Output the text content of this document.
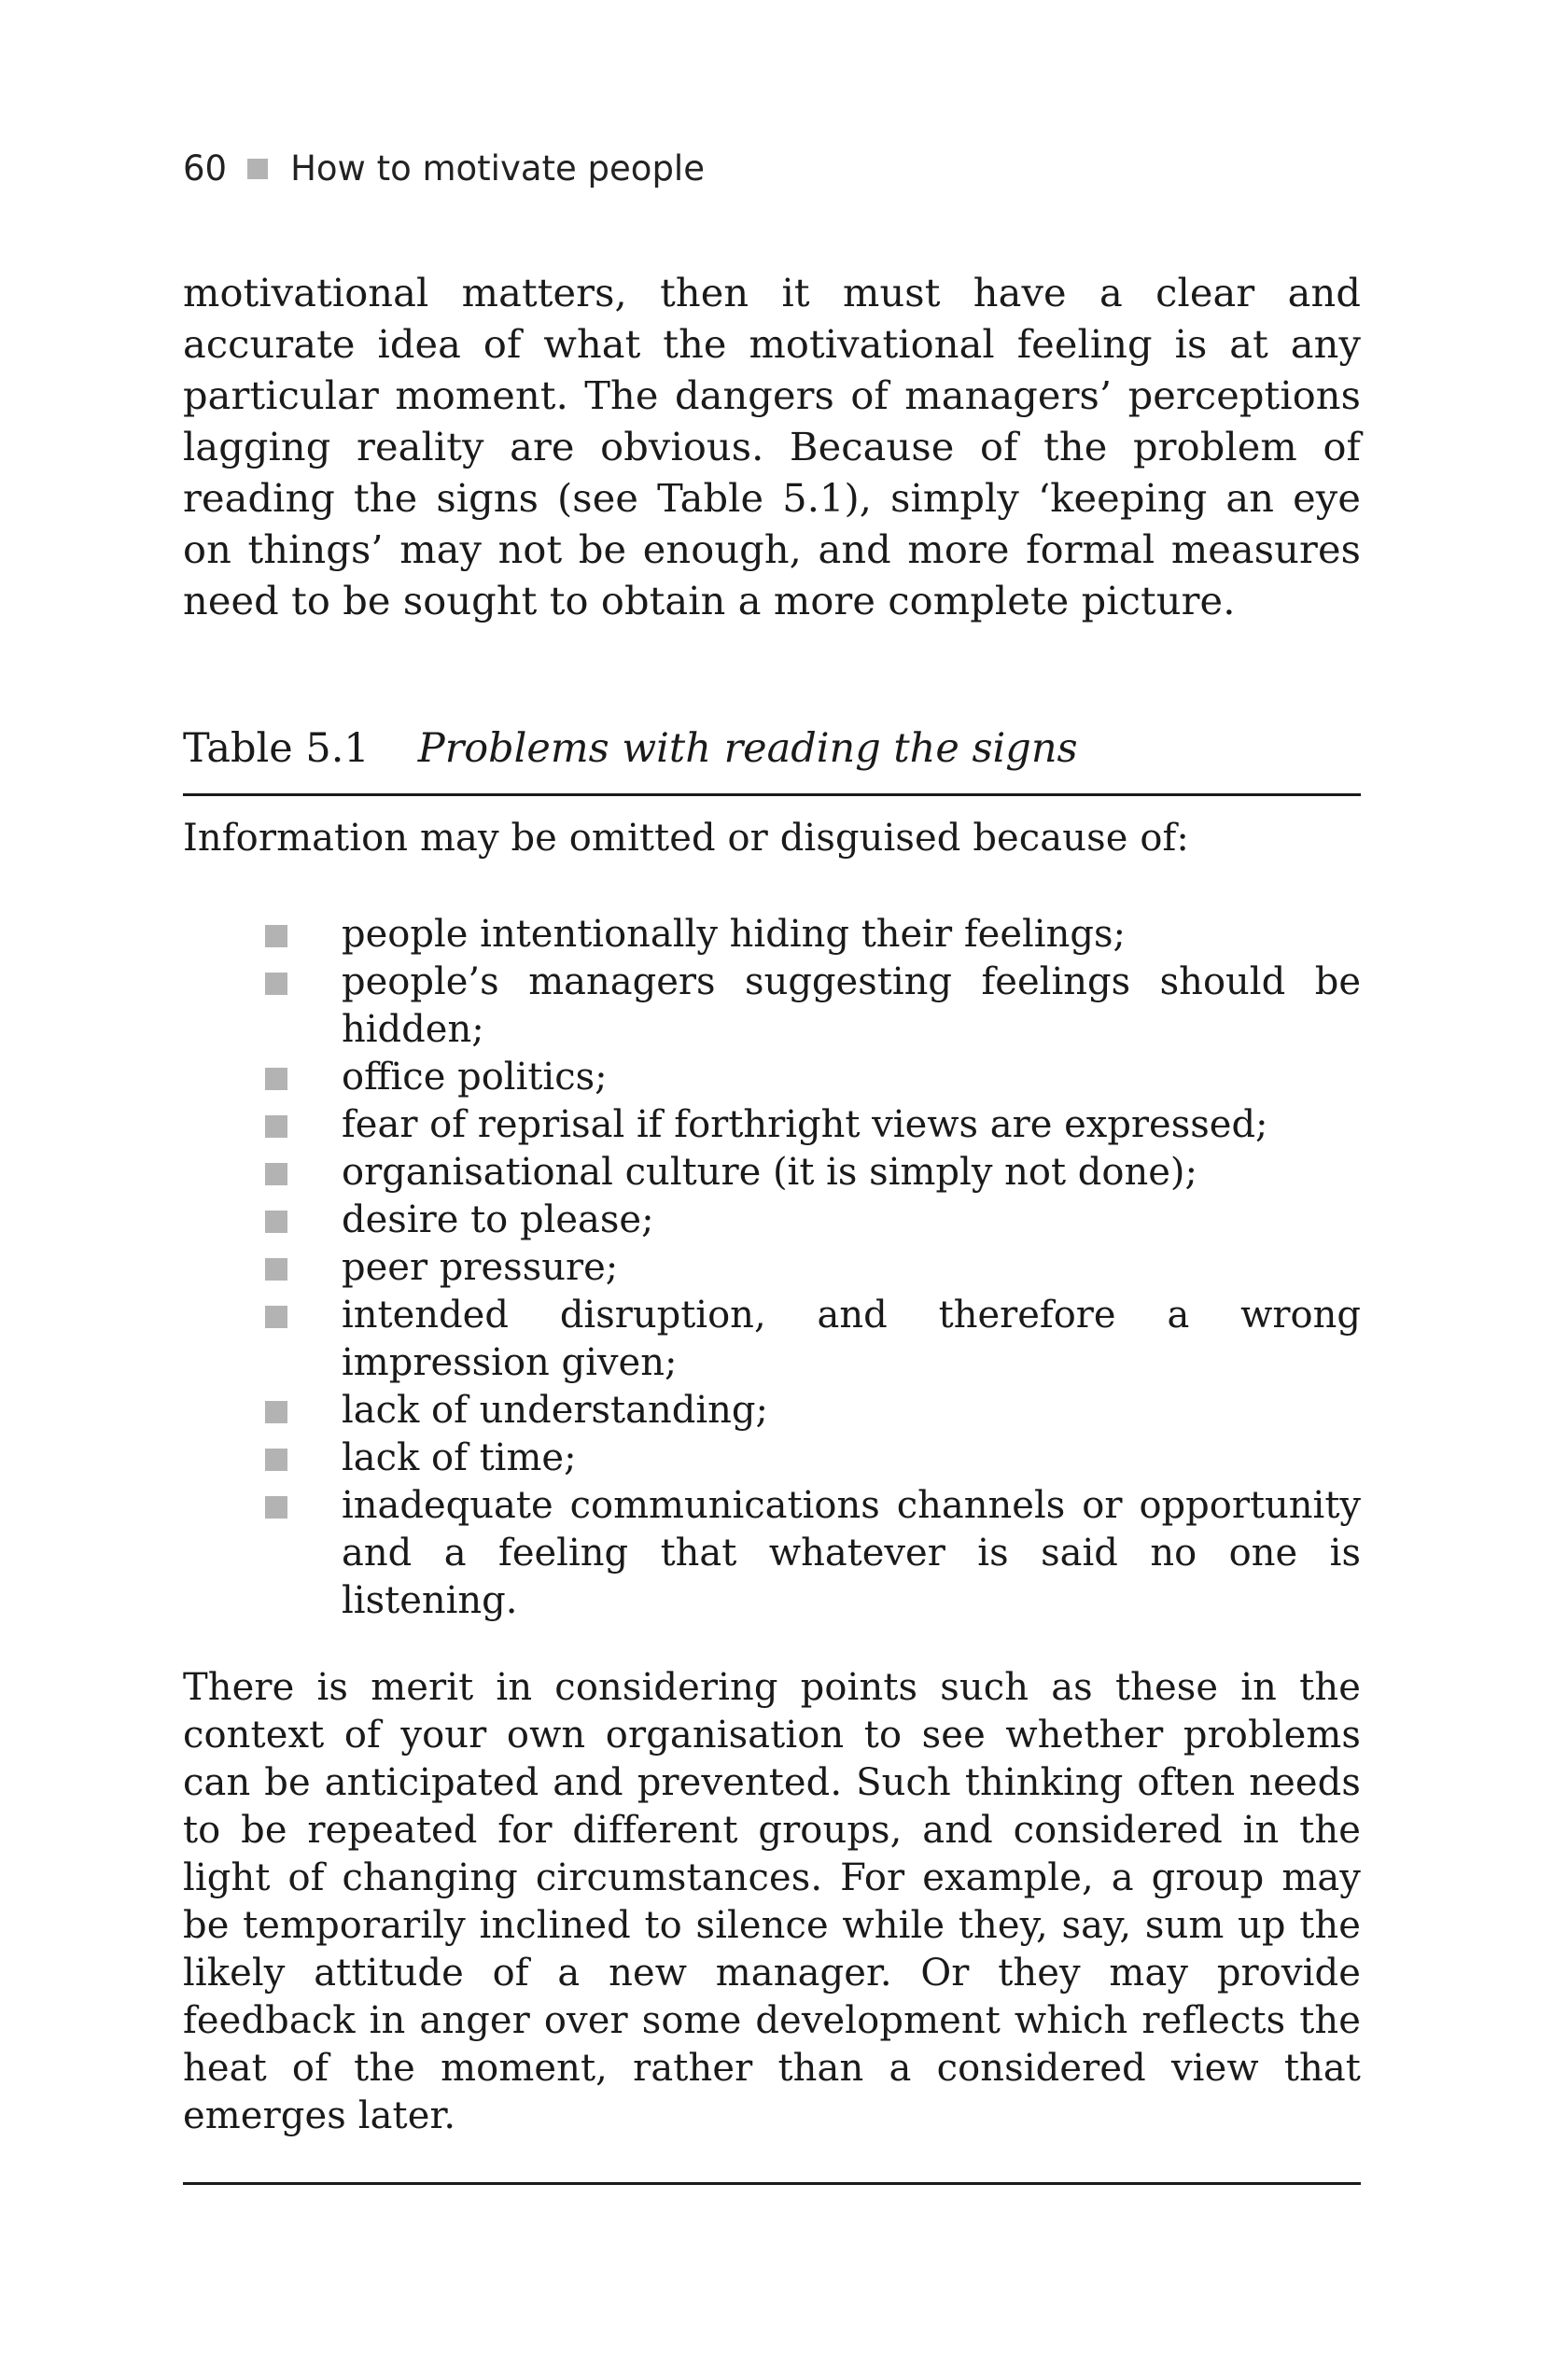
60 How to motivate people

motivational matters, then it must have a clear and accurate idea of what the motivational feeling is at any particular moment. The dangers of managers’ perceptions lagging reality are obvious. Because of the problem of reading the signs (see Table 5.1), simply ‘keeping an eye on things’ may not be enough, and more formal measures need to be sought to obtain a more complete picture.

Table 5.1 Problems with reading the signs

Information may be omitted or disguised because of:

people intentionally hiding their feelings;
people’s managers suggesting feelings should be hidden;
office politics;
fear of reprisal if forthright views are expressed;
organisational culture (it is simply not done);
desire to please;
peer pressure;
intended disruption, and therefore a wrong impression given;
lack of understanding;
lack of time;
inadequate communications channels or opportunity and a feeling that whatever is said no one is listening.

There is merit in considering points such as these in the context of your own organisation to see whether problems can be anticipated and prevented. Such thinking often needs to be repeated for different groups, and considered in the light of changing circumstances. For example, a group may be temporarily inclined to silence while they, say, sum up the likely attitude of a new manager. Or they may provide feedback in anger over some development which reflects the heat of the moment, rather than a considered view that emerges later.
